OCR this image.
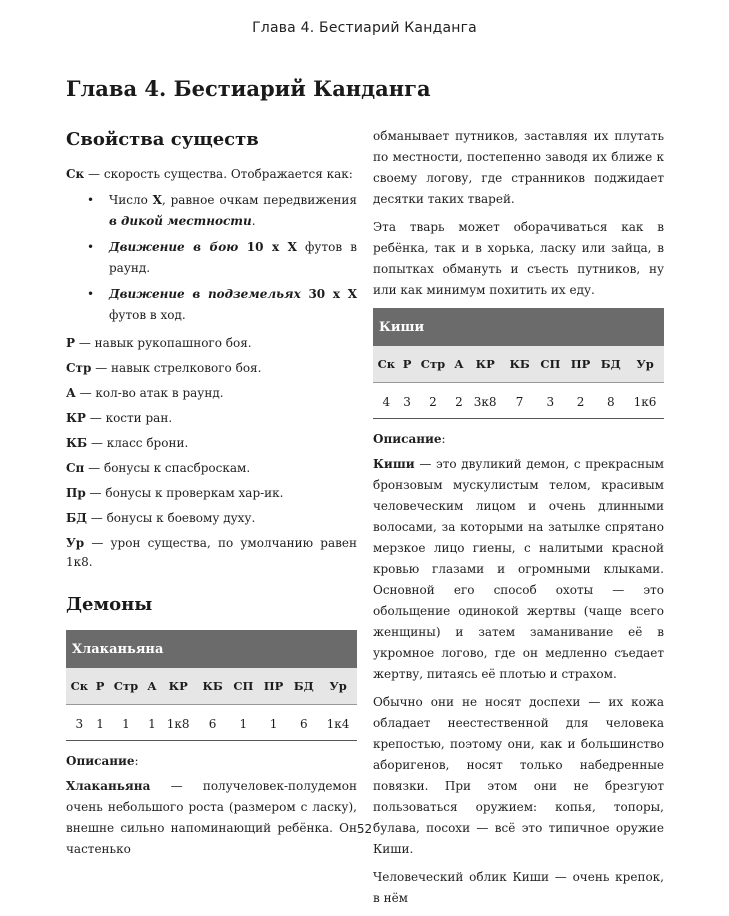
Глава 4. Бестиарий Канданга
Глава 4. Бестиарий Канданга
Свойства существ

Ск — скорость существа. Отображается как:

• Число X, равное очкам передвижения в дикой местности.
• Движение в бою 10 x X футов в раунд.
• Движение в подземельях 30 x X футов в ход.

Р — навык рукопашного боя.

Стр — навык стрелкового боя.

А — кол-во атак в раунд.

КР — кости ран.

КБ — класс брони.

Сп — бонусы к спасброскам.

Пр — бонусы к проверкам хар-ик.

БД — бонусы к боевому духу.

Ур — урон существа, по умолчанию равен 1к8.

Демоны
Хлаканьяна									
Ск	Р	Стр	А	КР	КБ	СП	ПР	БД	Ур
3	1	1	1	1к8	6	1	1	6	1к4

Описание:

Хлаканьяна — получеловек-полудемон очень небольшого роста (размером с ласку), внешне сильно напоминающий ребёнка. Он частенько

обманывает путников, заставляя их плутать по местности, постепенно заводя их ближе к своему логову, где странников поджидает десятки таких тварей.

Эта тварь может оборачиваться как в ребёнка, так и в хорька, ласку или зайца, в попытках обмануть и съесть путников, ну или как минимум похитить их еду.

Киши									
Ск	Р	Стр	А	КР	КБ	СП	ПР	БД	Ур
4	3	2	2	3к8	7	3	2	8	1к6

Описание:

Киши — это двуликий демон, с прекрасным бронзовым мускулистым телом, красивым человеческим лицом и очень длинными волосами, за которыми на затылке спрятано мерзкое лицо гиены, с налитыми красной кровью глазами и огромными клыками. Основной его способ охоты — это обольщение одинокой жертвы (чаще всего женщины) и затем заманивание её в укромное логово, где он медленно съедает жертву, питаясь её плотью и страхом.

Обычно они не носят доспехи — их кожа обладает неестественной для человека крепостью, поэтому они, как и большинство аборигенов, носят только набедренные повязки. При этом они не брезгуют пользоваться оружием: копья, топоры, булава, посохи — всё это типичное оружие Киши.

Человеческий облик Киши — очень крепок, в нём

52
